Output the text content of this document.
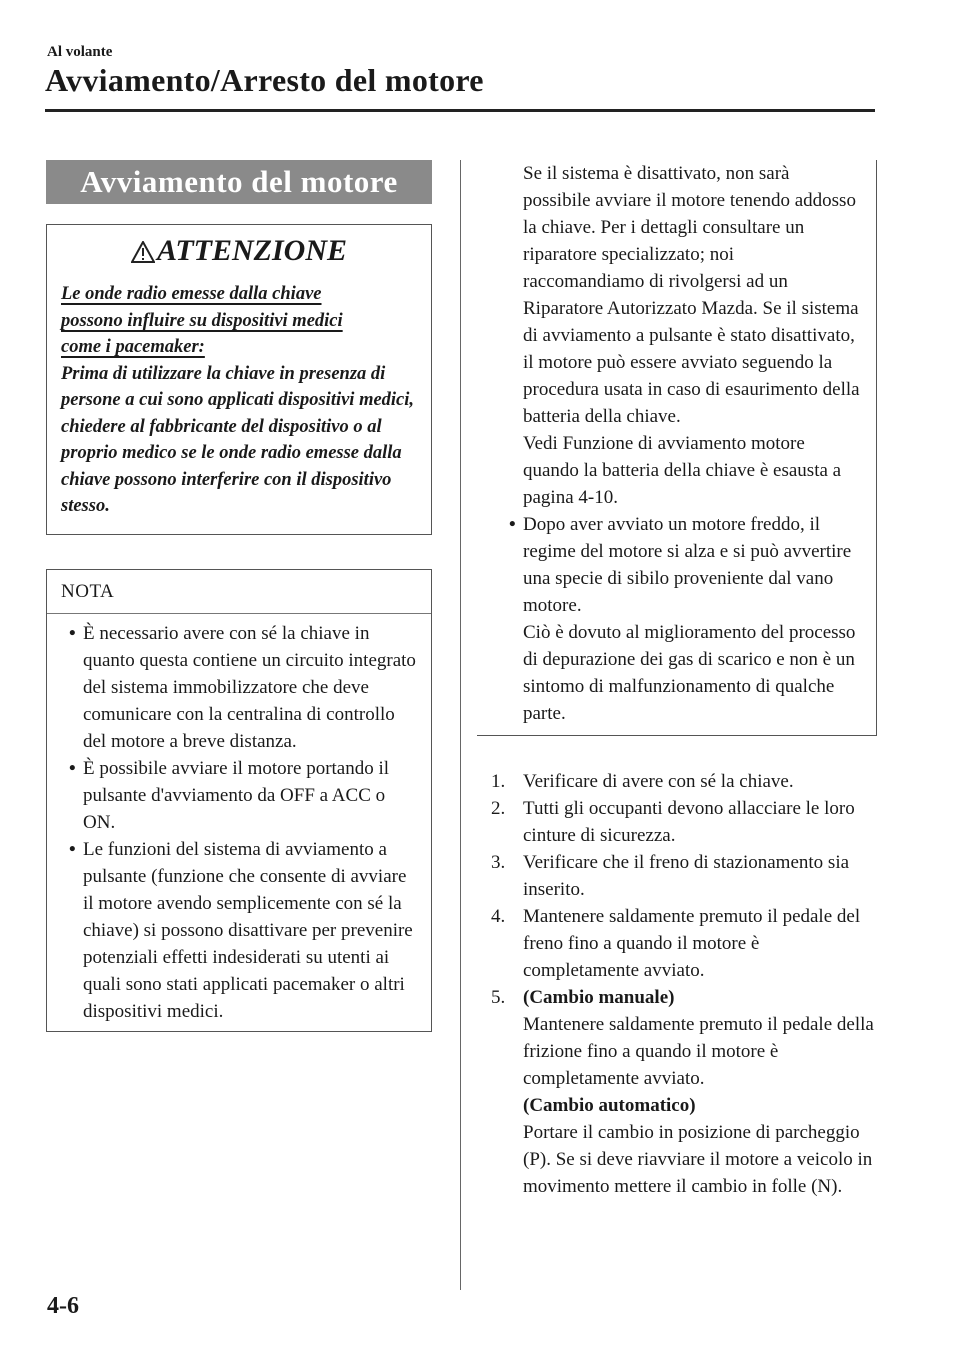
Al volante
Avviamento/Arresto del motore
Avviamento del motore
ATTENZIONE
Le onde radio emesse dalla chiave
possono influire su dispositivi medici
come i pacemaker:
Prima di utilizzare la chiave in presenza di persone a cui sono applicati dispositivi medici, chiedere al fabbricante del dispositivo o al proprio medico se le onde radio emesse dalla chiave possono interferire con il dispositivo stesso.
NOTA
• È necessario avere con sé la chiave in quanto questa contiene un circuito integrato del sistema immobilizzatore che deve comunicare con la centralina di controllo del motore a breve distanza.
• È possibile avviare il motore portando il pulsante d'avviamento da OFF a ACC o ON.
• Le funzioni del sistema di avviamento a pulsante (funzione che consente di avviare il motore avendo semplicemente con sé la chiave) si possono disattivare per prevenire potenziali effetti indesiderati su utenti ai quali sono stati applicati pacemaker o altri dispositivi medici.
Se il sistema è disattivato, non sarà possibile avviare il motore tenendo addosso la chiave. Per i dettagli consultare un riparatore specializzato; noi raccomandiamo di rivolgersi ad un Riparatore Autorizzato Mazda. Se il sistema di avviamento a pulsante è stato disattivato, il motore può essere avviato seguendo la procedura usata in caso di esaurimento della batteria della chiave.
Vedi Funzione di avviamento motore quando la batteria della chiave è esausta a pagina 4-10.
• Dopo aver avviato un motore freddo, il regime del motore si alza e si può avvertire una specie di sibilo proveniente dal vano motore.
Ciò è dovuto al miglioramento del processo di depurazione dei gas di scarico e non è un sintomo di malfunzionamento di qualche parte.
1. Verificare di avere con sé la chiave.
2. Tutti gli occupanti devono allacciare le loro cinture di sicurezza.
3. Verificare che il freno di stazionamento sia inserito.
4. Mantenere saldamente premuto il pedale del freno fino a quando il motore è completamente avviato.
5. (Cambio manuale)
Mantenere saldamente premuto il pedale della frizione fino a quando il motore è completamente avviato.
(Cambio automatico)
Portare il cambio in posizione di parcheggio (P). Se si deve riavviare il motore a veicolo in movimento mettere il cambio in folle (N).
4-6
